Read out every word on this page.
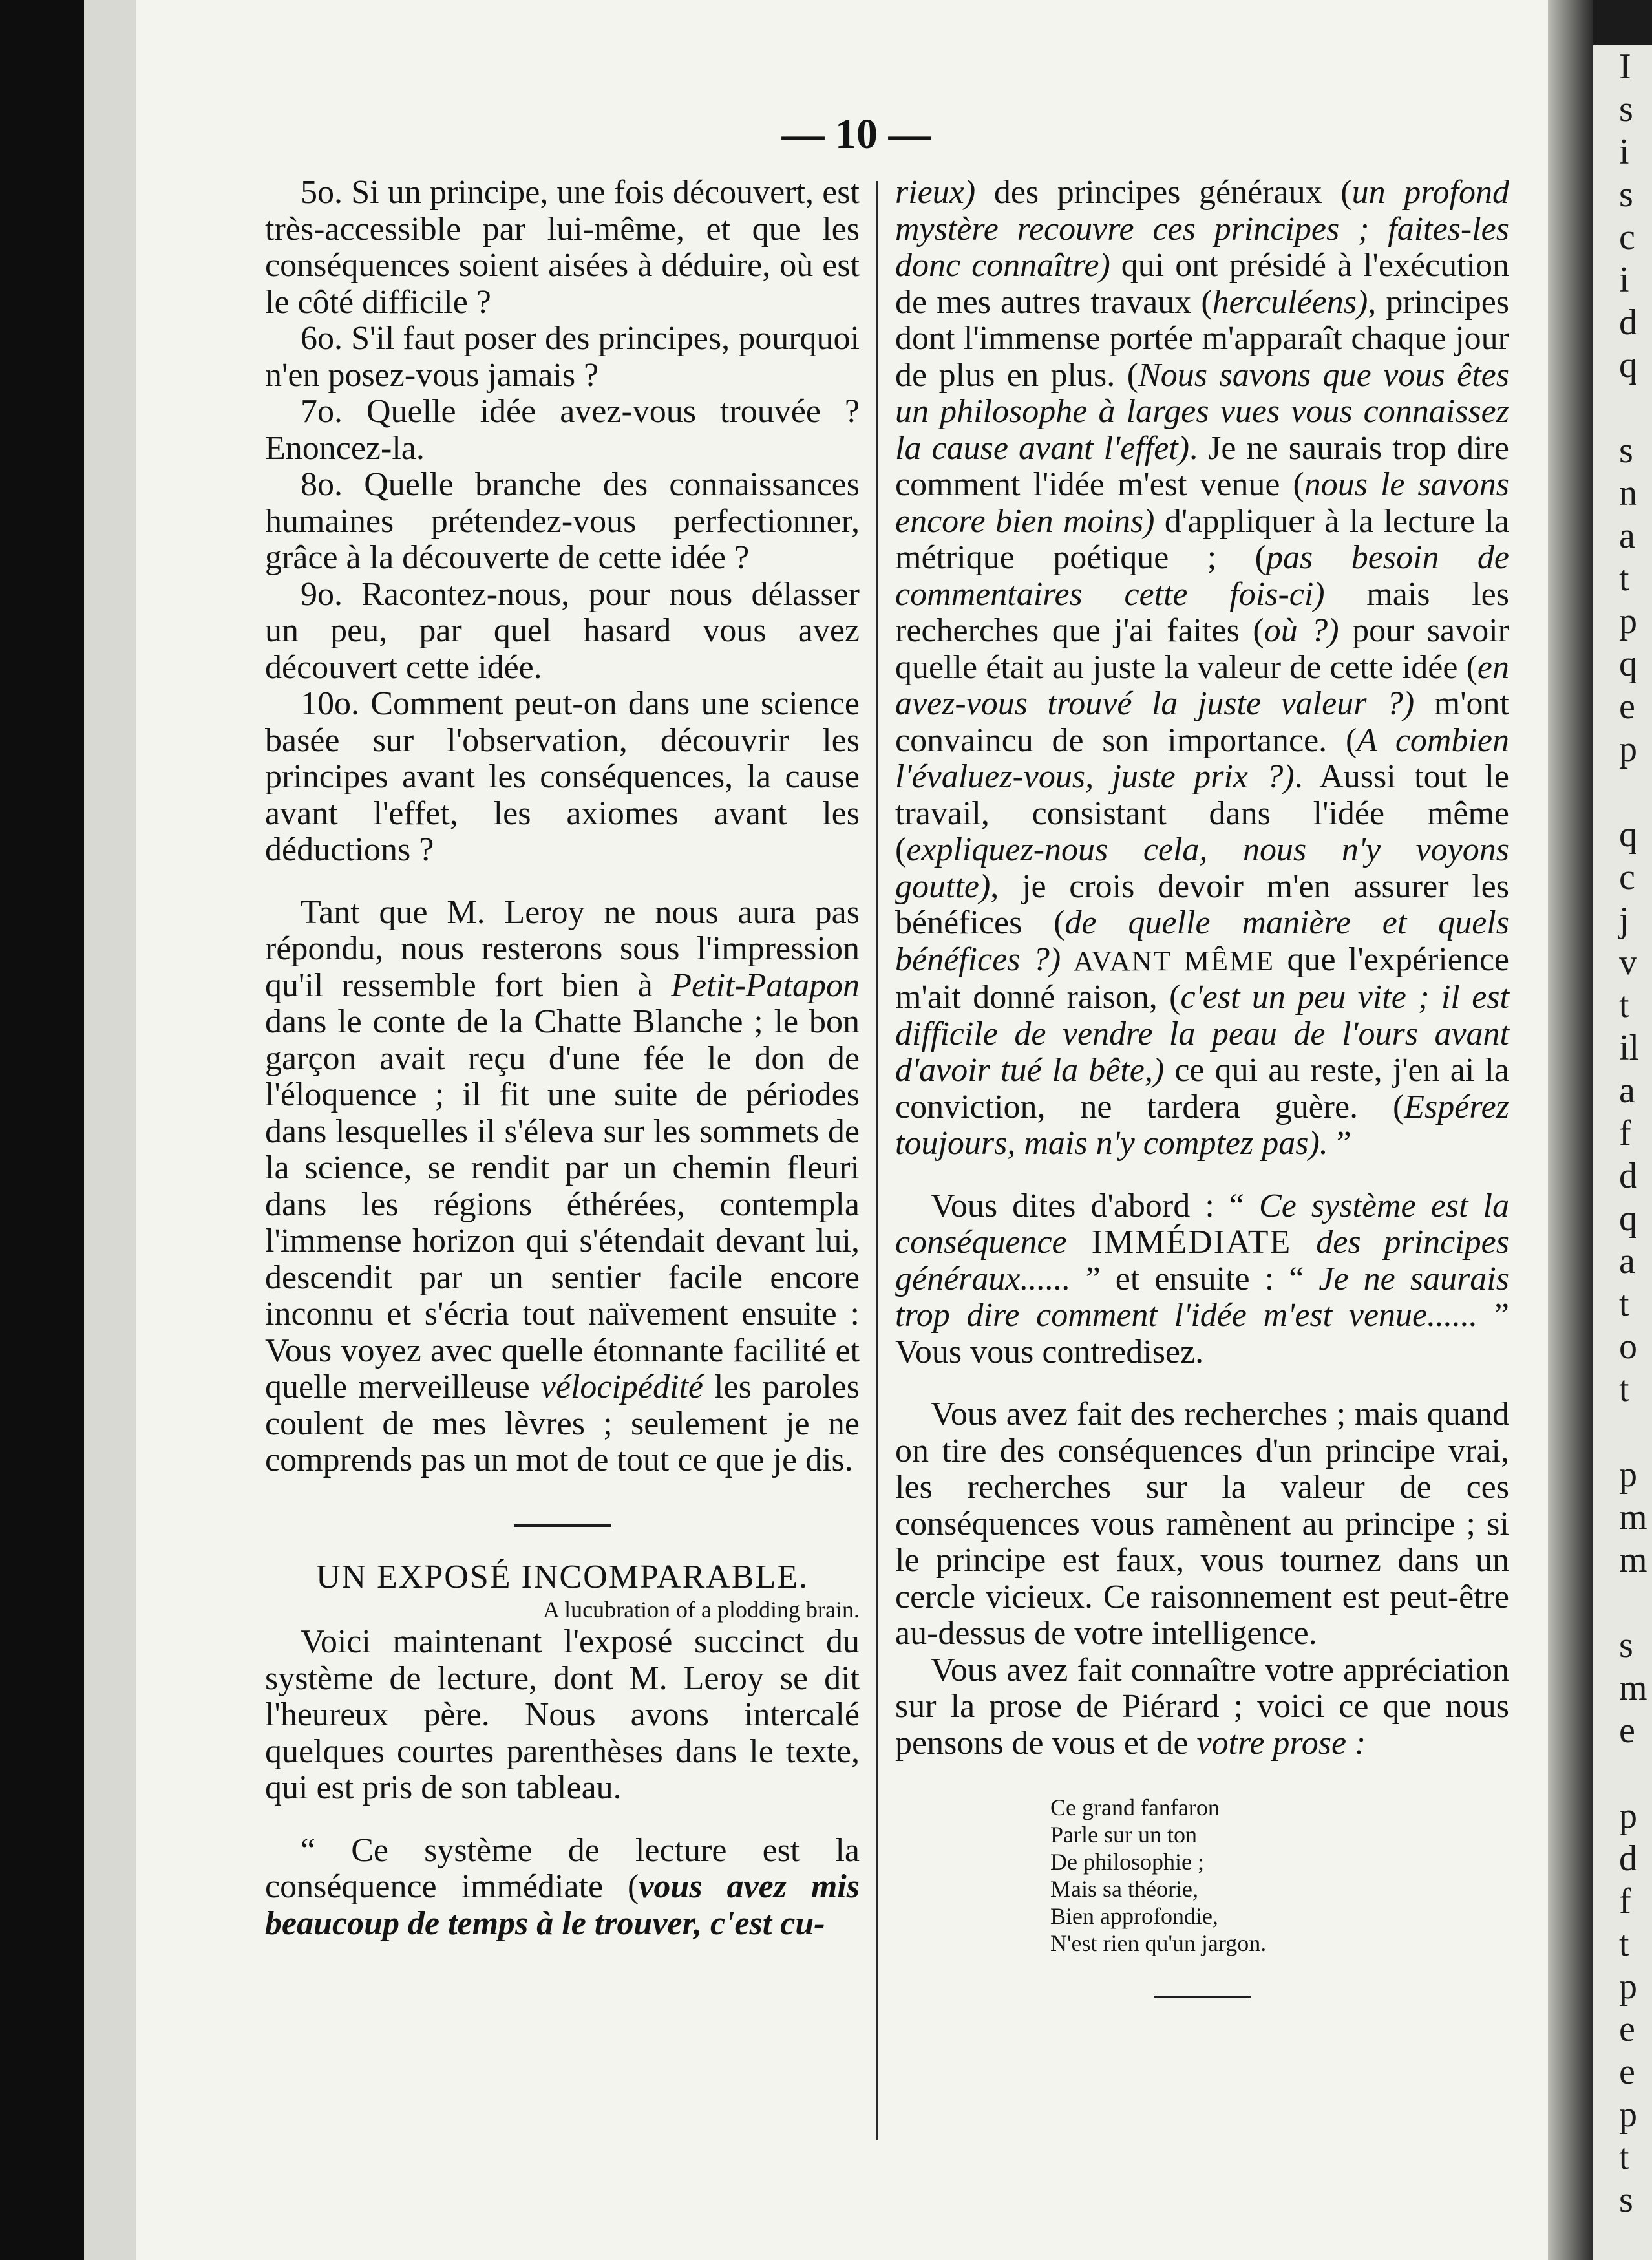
I
s
i
s
c
i
d
q

s
n
a
t
p
q
e
p

q
c
j
v
t
il
a
f
d
q
a
t
o
t

p
m
m

s
m
e

p
d
f
t
p
e
e
p
t
s
— 10 —

5o. Si un principe, une fois découvert, est très-accessible par lui-même, et que les conséquences soient aisées à déduire, où est le côté difficile ?

6o. S'il faut poser des principes, pourquoi n'en posez-vous jamais ?

7o. Quelle idée avez-vous trouvée ? Enoncez-la.

8o. Quelle branche des connaissances humaines prétendez-vous perfectionner, grâce à la découverte de cette idée ?

9o. Racontez-nous, pour nous délasser un peu, par quel hasard vous avez découvert cette idée.

10o. Comment peut-on dans une science basée sur l'observation, découvrir les principes avant les conséquences, la cause avant l'effet, les axiomes avant les déductions ?

Tant que M. Leroy ne nous aura pas répondu, nous resterons sous l'impression qu'il ressemble fort bien à Petit-Patapon dans le conte de la Chatte Blanche ; le bon garçon avait reçu d'une fée le don de l'éloquence ; il fit une suite de périodes dans lesquelles il s'éleva sur les sommets de la science, se rendit par un chemin fleuri dans les régions éthérées, contempla l'immense horizon qui s'étendait devant lui, descendit par un sentier facile encore inconnu et s'écria tout naïvement ensuite : Vous voyez avec quelle étonnante facilité et quelle merveilleuse vélocipédité les paroles coulent de mes lèvres ; seulement je ne comprends pas un mot de tout ce que je dis.

UN EXPOSÉ INCOMPARABLE.

A lucubration of a plodding brain.

Voici maintenant l'exposé succinct du système de lecture, dont M. Leroy se dit l'heureux père. Nous avons intercalé quelques courtes parenthèses dans le texte, qui est pris de son tableau.

“ Ce système de lecture est la conséquence immédiate (vous avez mis beaucoup de temps à le trouver, c'est cu-

rieux) des principes généraux (un profond mystère recouvre ces principes ; faites-les donc connaître) qui ont présidé à l'exécution de mes autres travaux (herculéens), principes dont l'immense portée m'apparaît chaque jour de plus en plus. (Nous savons que vous êtes un philosophe à larges vues vous connaissez la cause avant l'effet). Je ne saurais trop dire comment l'idée m'est venue (nous le savons encore bien moins) d'appliquer à la lecture la métrique poétique ; (pas besoin de commentaires cette fois-ci) mais les recherches que j'ai faites (où ?) pour savoir quelle était au juste la valeur de cette idée (en avez-vous trouvé la juste valeur ?) m'ont convaincu de son importance. (A combien l'évaluez-vous, juste prix ?). Aussi tout le travail, consistant dans l'idée même (expliquez-nous cela, nous n'y voyons goutte), je crois devoir m'en assurer les bénéfices (de quelle manière et quels bénéfices ?) AVANT MÊME que l'expérience m'ait donné raison, (c'est un peu vite ; il est difficile de vendre la peau de l'ours avant d'avoir tué la bête,) ce qui au reste, j'en ai la conviction, ne tardera guère. (Espérez toujours, mais n'y comptez pas). ”

Vous dites d'abord : “ Ce système est la conséquence IMMÉDIATE des principes généraux...... ” et ensuite : “ Je ne saurais trop dire comment l'idée m'est venue...... ” Vous vous contredisez.

Vous avez fait des recherches ; mais quand on tire des conséquences d'un principe vrai, les recherches sur la valeur de ces conséquences vous ramènent au principe ; si le principe est faux, vous tournez dans un cercle vicieux. Ce raisonnement est peut-être au-dessus de votre intelligence.

Vous avez fait connaître votre appréciation sur la prose de Piérard ; voici ce que nous pensons de vous et de votre prose :

Ce grand fanfaron
Parle sur un ton
De philosophie ;
Mais sa théorie,
Bien approfondie,
N'est rien qu'un jargon.
